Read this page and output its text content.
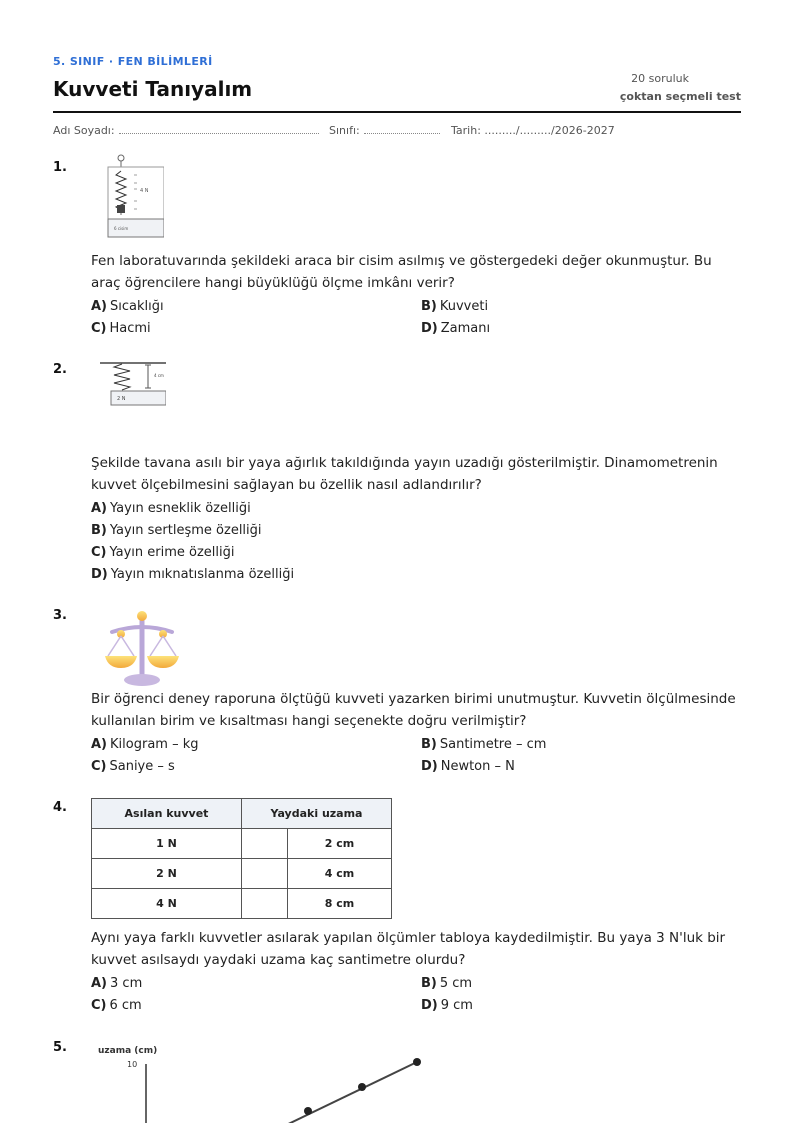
5. SINIF · FEN BİLİMLERİ
Kuvveti Tanıyalım	20 soruluk
çoktan seçmeli test
Adı Soyadı:	Sınıfı:	Tarih: ........./........./2026-2027
1.
4 N
6 cisim
Fen laboratuvarında şekildeki araca bir cisim asılmış ve göstergedeki değer okunmuştur. Bu araç öğrencilere hangi büyüklüğü ölçme imkânı verir?
A) Sıcaklığı	B) Kuvveti
C) Hacmi	D) Zamanı
2.	4 cm
2 N
Şekilde tavana asılı bir yaya ağırlık takıldığında yayın uzadığı gösterilmiştir. Dinamometrenin kuvvet ölçebilmesini sağlayan bu özellik nasıl adlandırılır?
A) Yayın esneklik özelliği
B) Yayın sertleşme özelliği
C) Yayın erime özelliği
D) Yayın mıknatıslanma özelliği
3.
Bir öğrenci deney raporuna ölçtüğü kuvveti yazarken birimi unutmuştur. Kuvvetin ölçülmesinde kullanılan birim ve kısaltması hangi seçenekte doğru verilmiştir?
A) Kilogram – kg	B) Santimetre – cm
C) Saniye – s	D) Newton – N
4.	Asılan kuvvet	Yaydaki uzama	
1 N		2 cm
2 N		4 cm
4 N		8 cm
Aynı yaya farklı kuvvetler asılarak yapılan ölçümler tabloya kaydedilmiştir. Bu yaya 3 N'luk bir kuvvet asılsaydı yaydaki uzama kaç santimetre olurdu?
A) 3 cm	B) 5 cm
C) 6 cm	D) 9 cm
5.	uzama (cm)
10
